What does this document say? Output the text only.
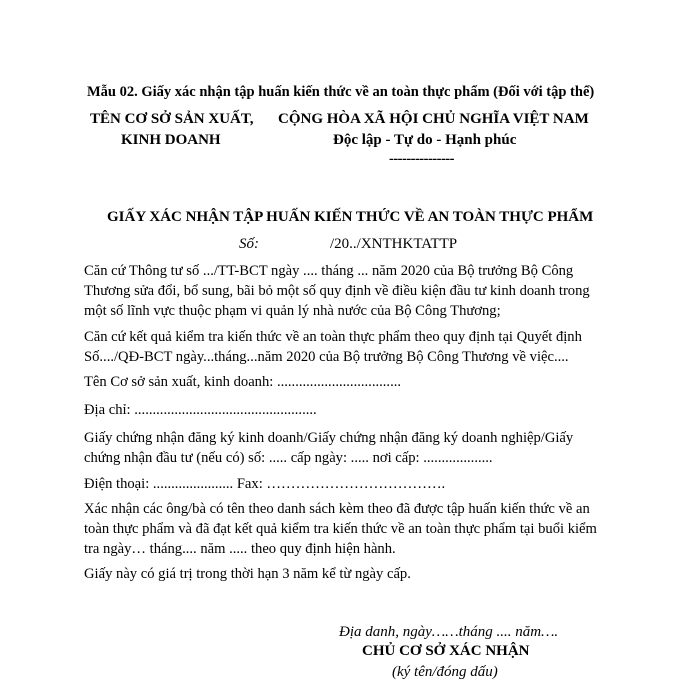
Mẫu 02. Giấy xác nhận tập huấn kiến thức về an toàn thực phẩm (Đối với tập thể)
TÊN CƠ SỞ SẢN XUẤT,
KINH DOANH
CỘNG HÒA XÃ HỘI CHỦ NGHĨA VIỆT NAM
Độc lập - Tự do - Hạnh phúc
---------------
GIẤY XÁC NHẬN TẬP HUẤN KIẾN THỨC VỀ AN TOÀN THỰC PHẨM
Số:	/20../XNTHKTATTP
Căn cứ Thông tư số .../TT-BCT ngày .... tháng ... năm 2020 của Bộ trưởng Bộ Công
Thương sửa đổi, bổ sung, bãi bỏ một số quy định về điều kiện đầu tư kinh doanh trong
một số lĩnh vực thuộc phạm vi quản lý nhà nước của Bộ Công Thương;
Căn cứ kết quả kiểm tra kiến thức về an toàn thực phẩm theo quy định tại Quyết định
Số..../QĐ-BCT ngày...tháng...năm 2020 của Bộ trưởng Bộ Công Thương về việc....
Tên Cơ sở sản xuất, kinh doanh: ..................................
Địa chỉ: ..................................................
Giấy chứng nhận đăng ký kinh doanh/Giấy chứng nhận đăng ký doanh nghiệp/Giấy
chứng nhận đầu tư (nếu có) số: ..... cấp ngày: ..... nơi cấp: ...................
Điện thoại: ...................... Fax: ……………………………….
Xác nhận các ông/bà có tên theo danh sách kèm theo đã được tập huấn kiến thức về an
toàn thực phẩm và đã đạt kết quả kiểm tra kiến thức về an toàn thực phẩm tại buổi kiểm
tra ngày… tháng.... năm ..... theo quy định hiện hành.
Giấy này có giá trị trong thời hạn 3 năm kể từ ngày cấp.
Địa danh, ngày……tháng .... năm….
CHỦ CƠ SỞ XÁC NHẬN
(ký tên/đóng dấu)
